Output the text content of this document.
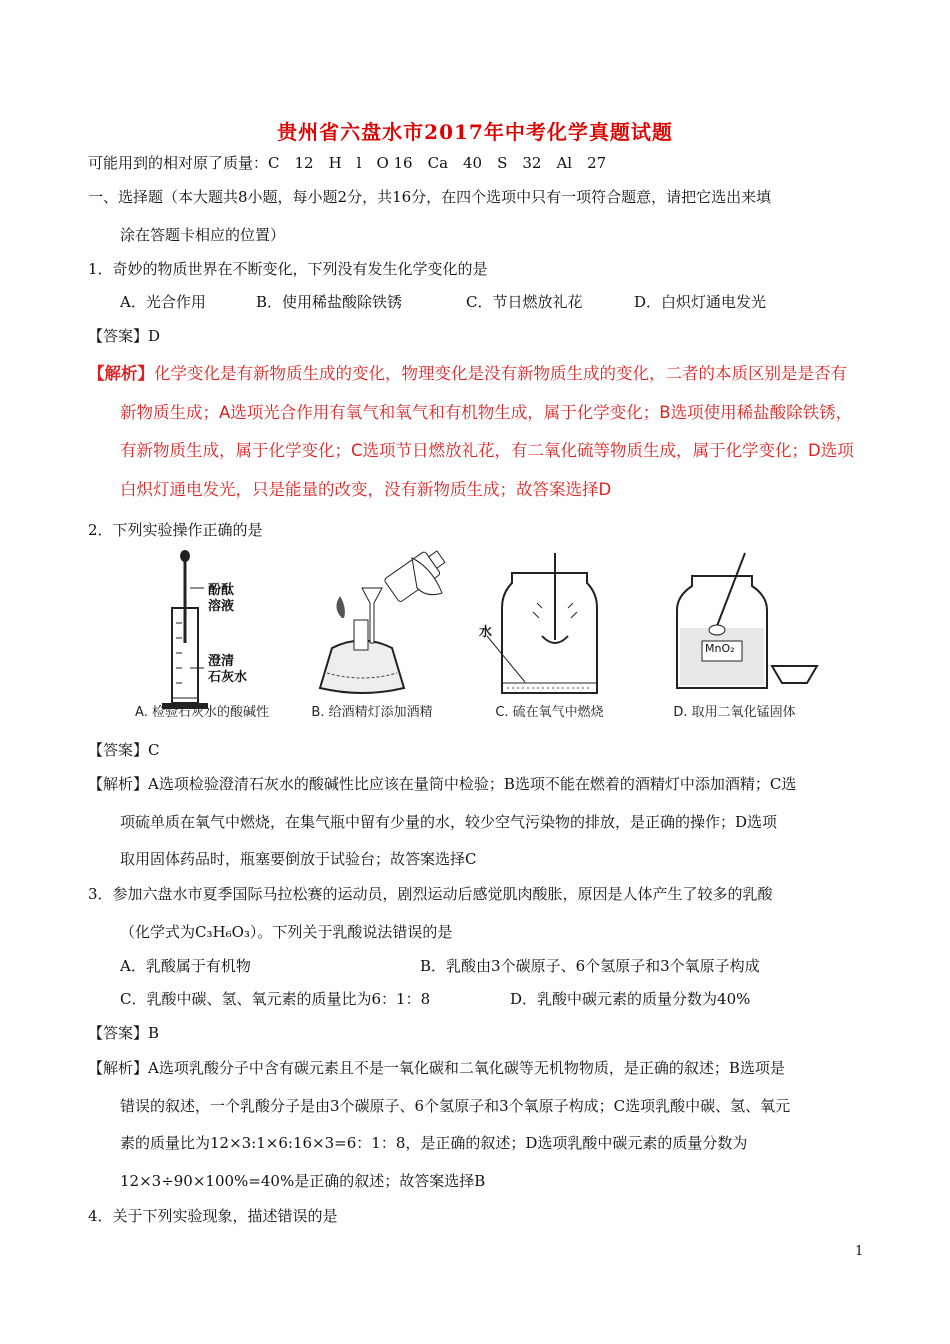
贵州省六盘水市2017年中考化学真题试题
可能用到的相对原了质量：C　12　H　l　O 16　Ca　40　S　32　Al　27
一、选择题（本大题共8小题，每小题2分，共16分，在四个选项中只有一项符合题意，请把它选出来填
涂在答题卡相应的位置）
1．奇妙的物质世界在不断变化，下列没有发生化学变化的是
A．光合作用	B．使用稀盐酸除铁锈	C．节日燃放礼花	D．白炽灯通电发光
【答案】D
【解析】化学变化是有新物质生成的变化，物理变化是没有新物质生成的变化，二者的本质区别是是否有
新物质生成；A选项光合作用有氧气和氧气和有机物生成，属于化学变化；B选项使用稀盐酸除铁锈，
有新物质生成，属于化学变化；C选项节日燃放礼花，有二氧化硫等物质生成，属于化学变化；D选项
白炽灯通电发光，只是能量的改变，没有新物质生成；故答案选择D
2．下列实验操作正确的是
酚酞
溶液
澄清
石灰水
A. 检验石灰水的酸碱性	B. 给酒精灯添加酒精
水
C. 硫在氧气中燃烧
MnO₂
D. 取用二氧化锰固体
【答案】C
【解析】A选项检验澄清石灰水的酸碱性比应该在量筒中检验；B选项不能在燃着的酒精灯中添加酒精；C选
项硫单质在氧气中燃烧，在集气瓶中留有少量的水，较少空气污染物的排放，是正确的操作；D选项
取用固体药品时，瓶塞要倒放于试验台；故答案选择C
3．参加六盘水市夏季国际马拉松赛的运动员，剧烈运动后感觉肌肉酸胀，原因是人体产生了较多的乳酸
（化学式为C₃H₆O₃）。下列关于乳酸说法错误的是
A．乳酸属于有机物	B．乳酸由3个碳原子、6个氢原子和3个氧原子构成
C．乳酸中碳、氢、氧元素的质量比为6：1：8	D．乳酸中碳元素的质量分数为40%
【答案】B
【解析】A选项乳酸分子中含有碳元素且不是一氧化碳和二氧化碳等无机物物质，是正确的叙述；B选项是
错误的叙述，一个乳酸分子是由3个碳原子、6个氢原子和3个氧原子构成；C选项乳酸中碳、氢、氧元
素的质量比为12×3:1×6:16×3=6：1：8，是正确的叙述；D选项乳酸中碳元素的质量分数为
12×3÷90×100%=40%是正确的叙述；故答案选择B
4．关于下列实验现象，描述错误的是
1
